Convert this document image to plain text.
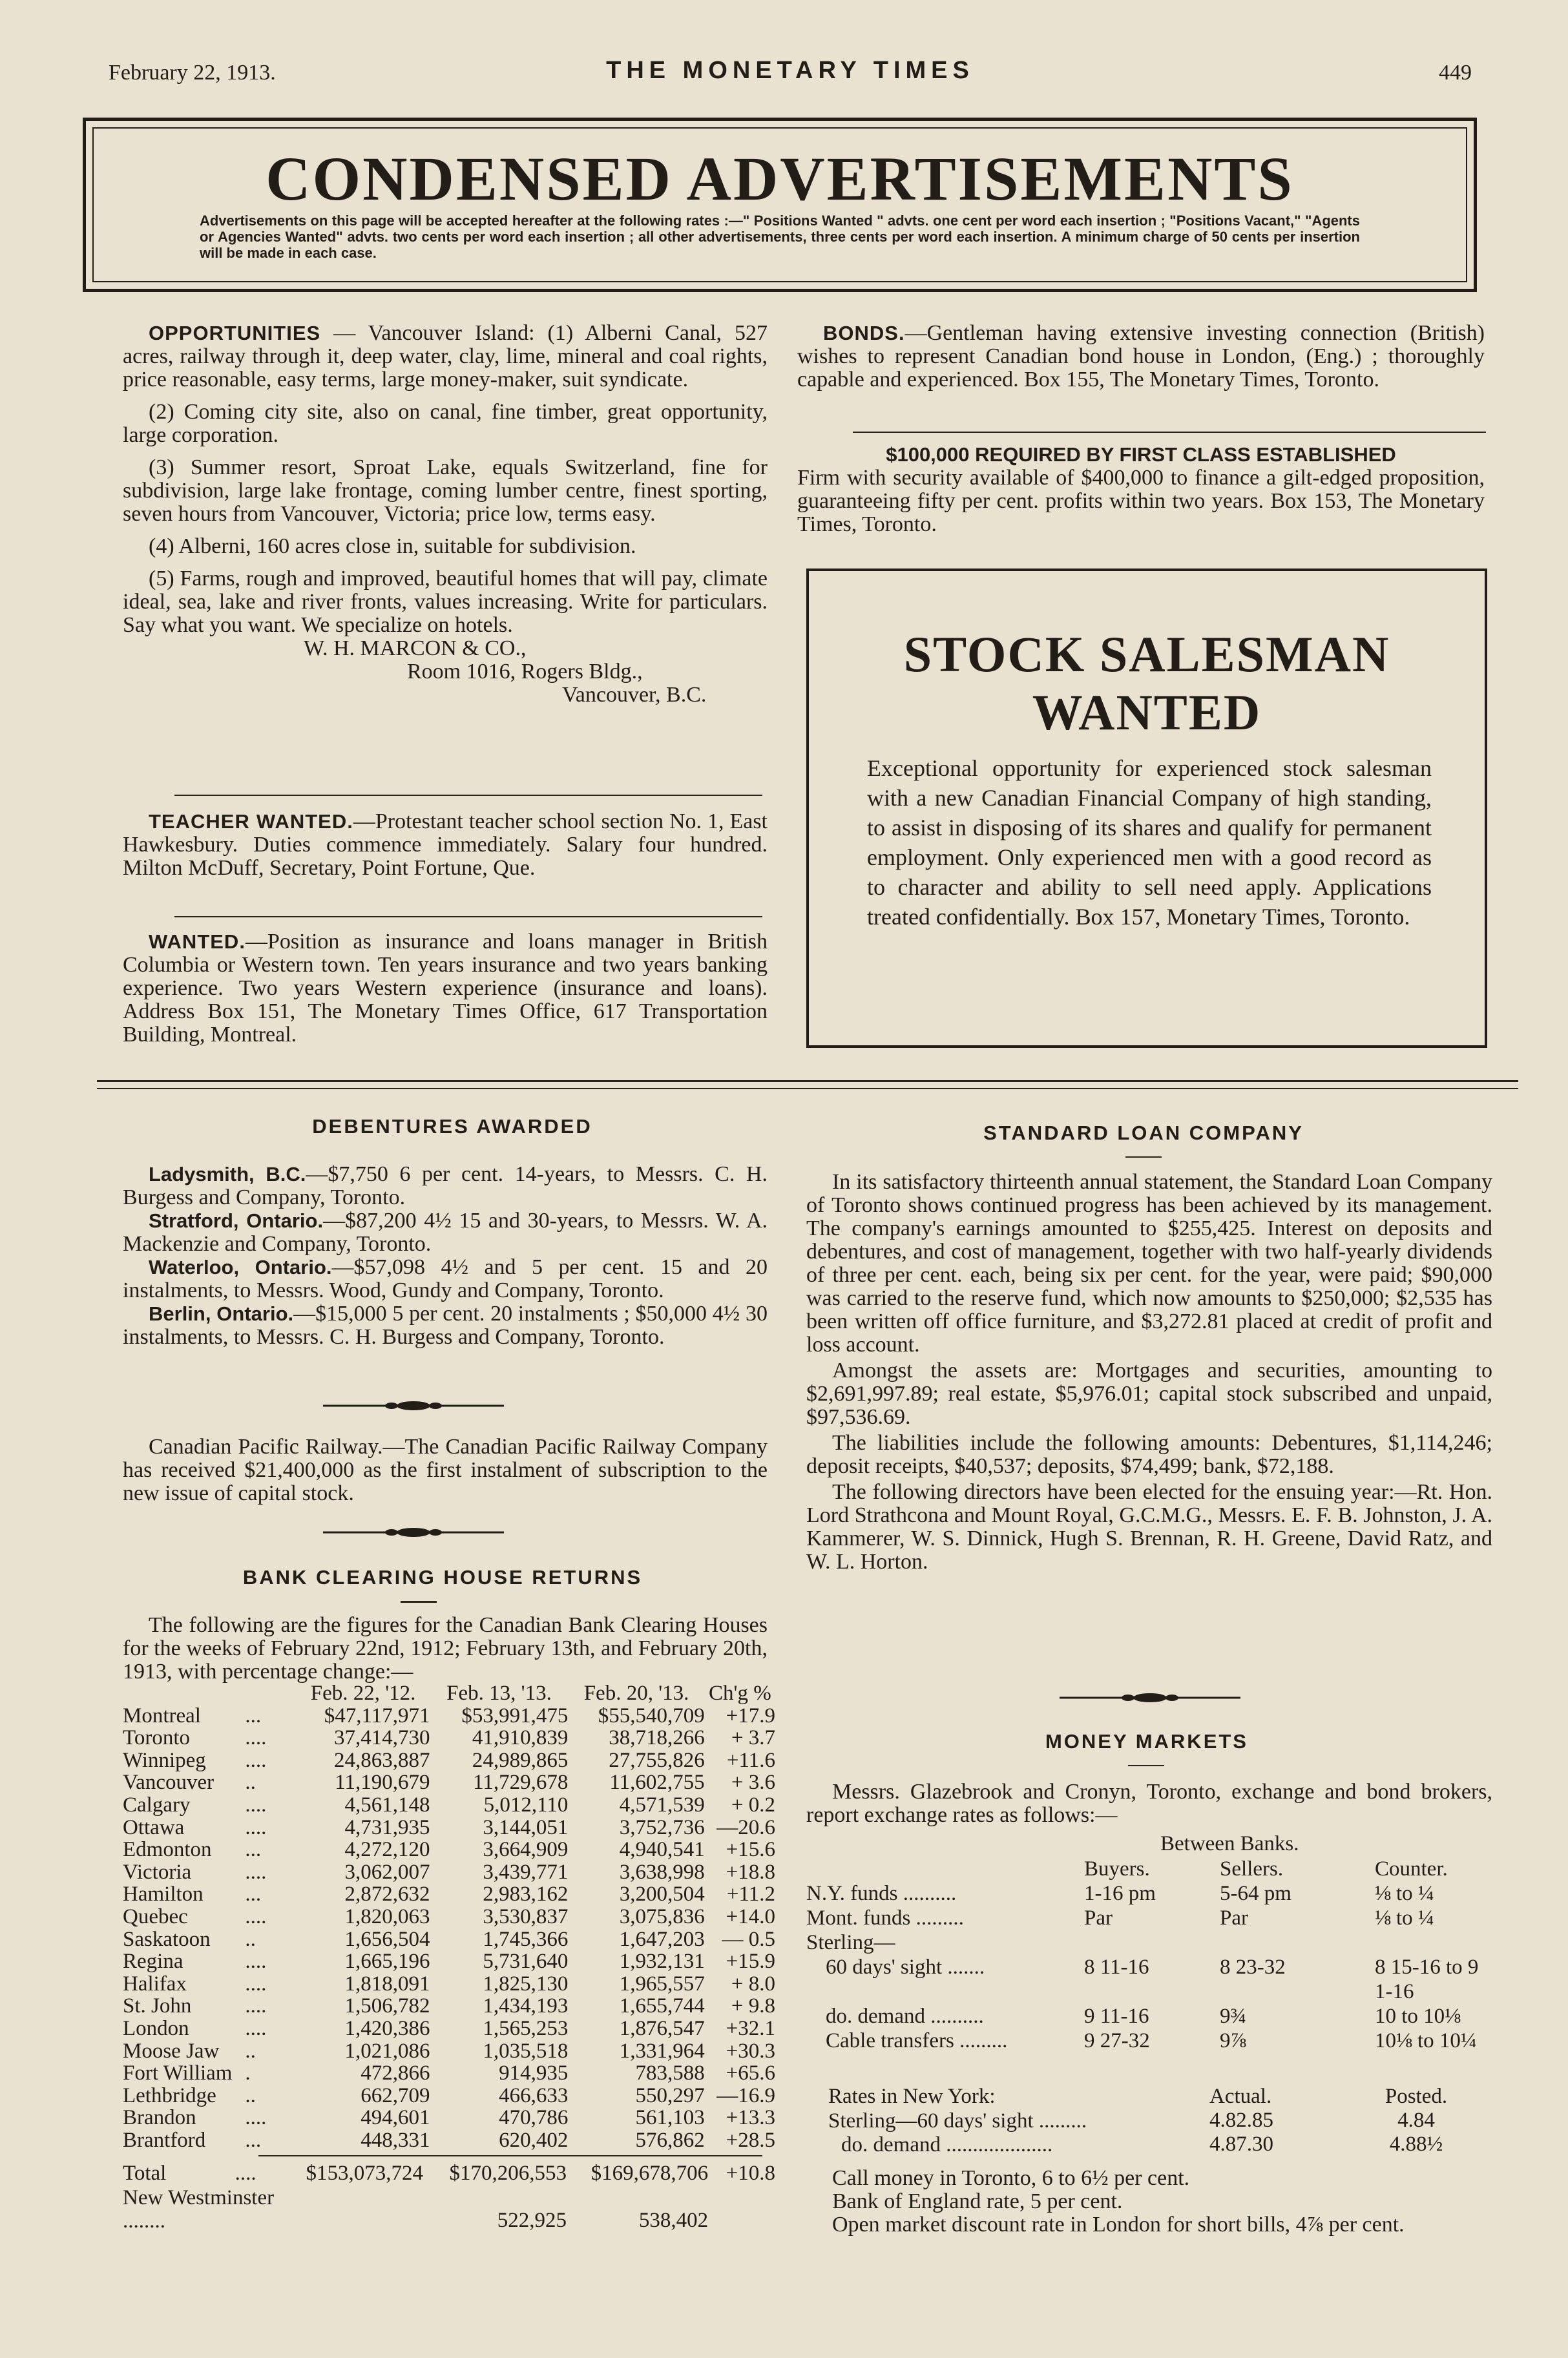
February 22, 1913.	THE MONETARY TIMES	449
CONDENSED ADVERTISEMENTS
Advertisements on this page will be accepted hereafter at the following rates :—" Positions Wanted " advts. one cent per word each insertion ; "Positions Vacant," "Agents or Agencies Wanted" advts. two cents per word each insertion ; all other advertisements, three cents per word each insertion. A minimum charge of 50 cents per insertion will be made in each case.

OPPORTUNITIES — Vancouver Island: (1) Alberni Canal, 527 acres, railway through it, deep water, clay, lime, mineral and coal rights, price reasonable, easy terms, large money-maker, suit syndicate.

(2) Coming city site, also on canal, fine timber, great opportunity, large corporation.

(3) Summer resort, Sproat Lake, equals Switzerland, fine for subdivision, large lake frontage, coming lumber centre, finest sporting, seven hours from Vancouver, Victoria; price low, terms easy.

(4) Alberni, 160 acres close in, suitable for subdivision.

(5) Farms, rough and improved, beautiful homes that will pay, climate ideal, sea, lake and river fronts, values increasing. Write for particulars. Say what you want. We specialize on hotels.

W. H. MARCON & CO.,

Room 1016, Rogers Bldg.,

Vancouver, B.C.

TEACHER WANTED.—Protestant teacher school section No. 1, East Hawkesbury. Duties commence immediately. Salary four hundred. Milton McDuff, Secretary, Point Fortune, Que.

WANTED.—Position as insurance and loans manager in British Columbia or Western town. Ten years insurance and two years banking experience. Two years Western experience (insurance and loans). Address Box 151, The Monetary Times Office, 617 Transportation Building, Montreal.

BONDS.—Gentleman having extensive investing connection (British) wishes to represent Canadian bond house in London, (Eng.) ; thoroughly capable and experienced. Box 155, The Monetary Times, Toronto.

$100,000 REQUIRED BY FIRST CLASS ESTABLISHED

Firm with security available of $400,000 to finance a gilt-edged proposition, guaranteeing fifty per cent. profits within two years. Box 153, The Monetary Times, Toronto.

STOCK SALESMAN WANTED
Exceptional opportunity for experienced stock salesman with a new Canadian Financial Company of high standing, to assist in disposing of its shares and qualify for permanent employment. Only experienced men with a good record as to character and ability to sell need apply. Applications treated confidentially. Box 157, Monetary Times, Toronto.
DEBENTURES AWARDED

Ladysmith, B.C.—$7,750 6 per cent. 14-years, to Messrs. C. H. Burgess and Company, Toronto.

Stratford, Ontario.—$87,200 4½ 15 and 30-years, to Messrs. W. A. Mackenzie and Company, Toronto.

Waterloo, Ontario.—$57,098 4½ and 5 per cent. 15 and 20 instalments, to Messrs. Wood, Gundy and Company, Toronto.

Berlin, Ontario.—$15,000 5 per cent. 20 instalments ; $50,000 4½ 30 instalments, to Messrs. C. H. Burgess and Company, Toronto.

Canadian Pacific Railway.—The Canadian Pacific Railway Company has received $21,400,000 as the first instalment of subscription to the new issue of capital stock.

BANK CLEARING HOUSE RETURNS

The following are the figures for the Canadian Bank Clearing Houses for the weeks of February 22nd, 1912; February 13th, and February 20th, 1913, with percentage change:—

		Feb. 22, '12.	Feb. 13, '13.	Feb. 20, '13.	Ch'g %
Montreal	...	$47,117,971	$53,991,475	$55,540,709	+17.9
Toronto	....	37,414,730	41,910,839	38,718,266	+ 3.7
Winnipeg	....	24,863,887	24,989,865	27,755,826	+11.6
Vancouver	..	11,190,679	11,729,678	11,602,755	+ 3.6
Calgary	....	4,561,148	5,012,110	4,571,539	+ 0.2
Ottawa	....	4,731,935	3,144,051	3,752,736	—20.6
Edmonton	...	4,272,120	3,664,909	4,940,541	+15.6
Victoria	....	3,062,007	3,439,771	3,638,998	+18.8
Hamilton	...	2,872,632	2,983,162	3,200,504	+11.2
Quebec	....	1,820,063	3,530,837	3,075,836	+14.0
Saskatoon	..	1,656,504	1,745,366	1,647,203	— 0.5
Regina	....	1,665,196	5,731,640	1,932,131	+15.9
Halifax	....	1,818,091	1,825,130	1,965,557	+ 8.0
St. John	....	1,506,782	1,434,193	1,655,744	+ 9.8
London	....	1,420,386	1,565,253	1,876,547	+32.1
Moose Jaw	..	1,021,086	1,035,518	1,331,964	+30.3
Fort William	.	472,866	914,935	783,588	+65.6
Lethbridge	..	662,709	466,633	550,297	—16.9
Brandon	....	494,601	470,786	561,103	+13.3
Brantford	...	448,331	620,402	576,862	+28.5
Total	....	$153,073,724	$170,206,553	$169,678,706	+10.8
New Westminster ........			522,925	538,402	
STANDARD LOAN COMPANY

In its satisfactory thirteenth annual statement, the Standard Loan Company of Toronto shows continued progress has been achieved by its management. The company's earnings amounted to $255,425. Interest on deposits and debentures, and cost of management, together with two half-yearly dividends of three per cent. each, being six per cent. for the year, were paid; $90,000 was carried to the reserve fund, which now amounts to $250,000; $2,535 has been written off office furniture, and $3,272.81 placed at credit of profit and loss account.

Amongst the assets are: Mortgages and securities, amounting to $2,691,997.89; real estate, $5,976.01; capital stock subscribed and unpaid, $97,536.69.

The liabilities include the following amounts: Debentures, $1,114,246; deposit receipts, $40,537; deposits, $74,499; bank, $72,188.

The following directors have been elected for the ensuing year:—Rt. Hon. Lord Strathcona and Mount Royal, G.C.M.G., Messrs. E. F. B. Johnston, J. A. Kammerer, W. S. Dinnick, Hugh S. Brennan, R. H. Greene, David Ratz, and W. L. Horton.

MONEY MARKETS

Messrs. Glazebrook and Cronyn, Toronto, exchange and bond brokers, report exchange rates as follows:—

Between Banks.
	Buyers.	Sellers.	Counter.
N.Y. funds ..........	1-16 pm	5-64 pm	⅛ to ¼
Mont. funds .........	Par	Par	⅛ to ¼
Sterling—			
60 days' sight .......	8 11-16	8 23-32	8 15-16 to 9 1-16
do. demand ..........	9 11-16	9¾	10 to 10⅛
Cable transfers .........	9 27-32	9⅞	10⅛ to 10¼
Rates in New York:	Actual.	Posted.
Sterling—60 days' sight .........	4.82.85	4.84
do. demand ....................	4.87.30	4.88½

Call money in Toronto, 6 to 6½ per cent.

Bank of England rate, 5 per cent.

Open market discount rate in London for short bills, 4⅞ per cent.
